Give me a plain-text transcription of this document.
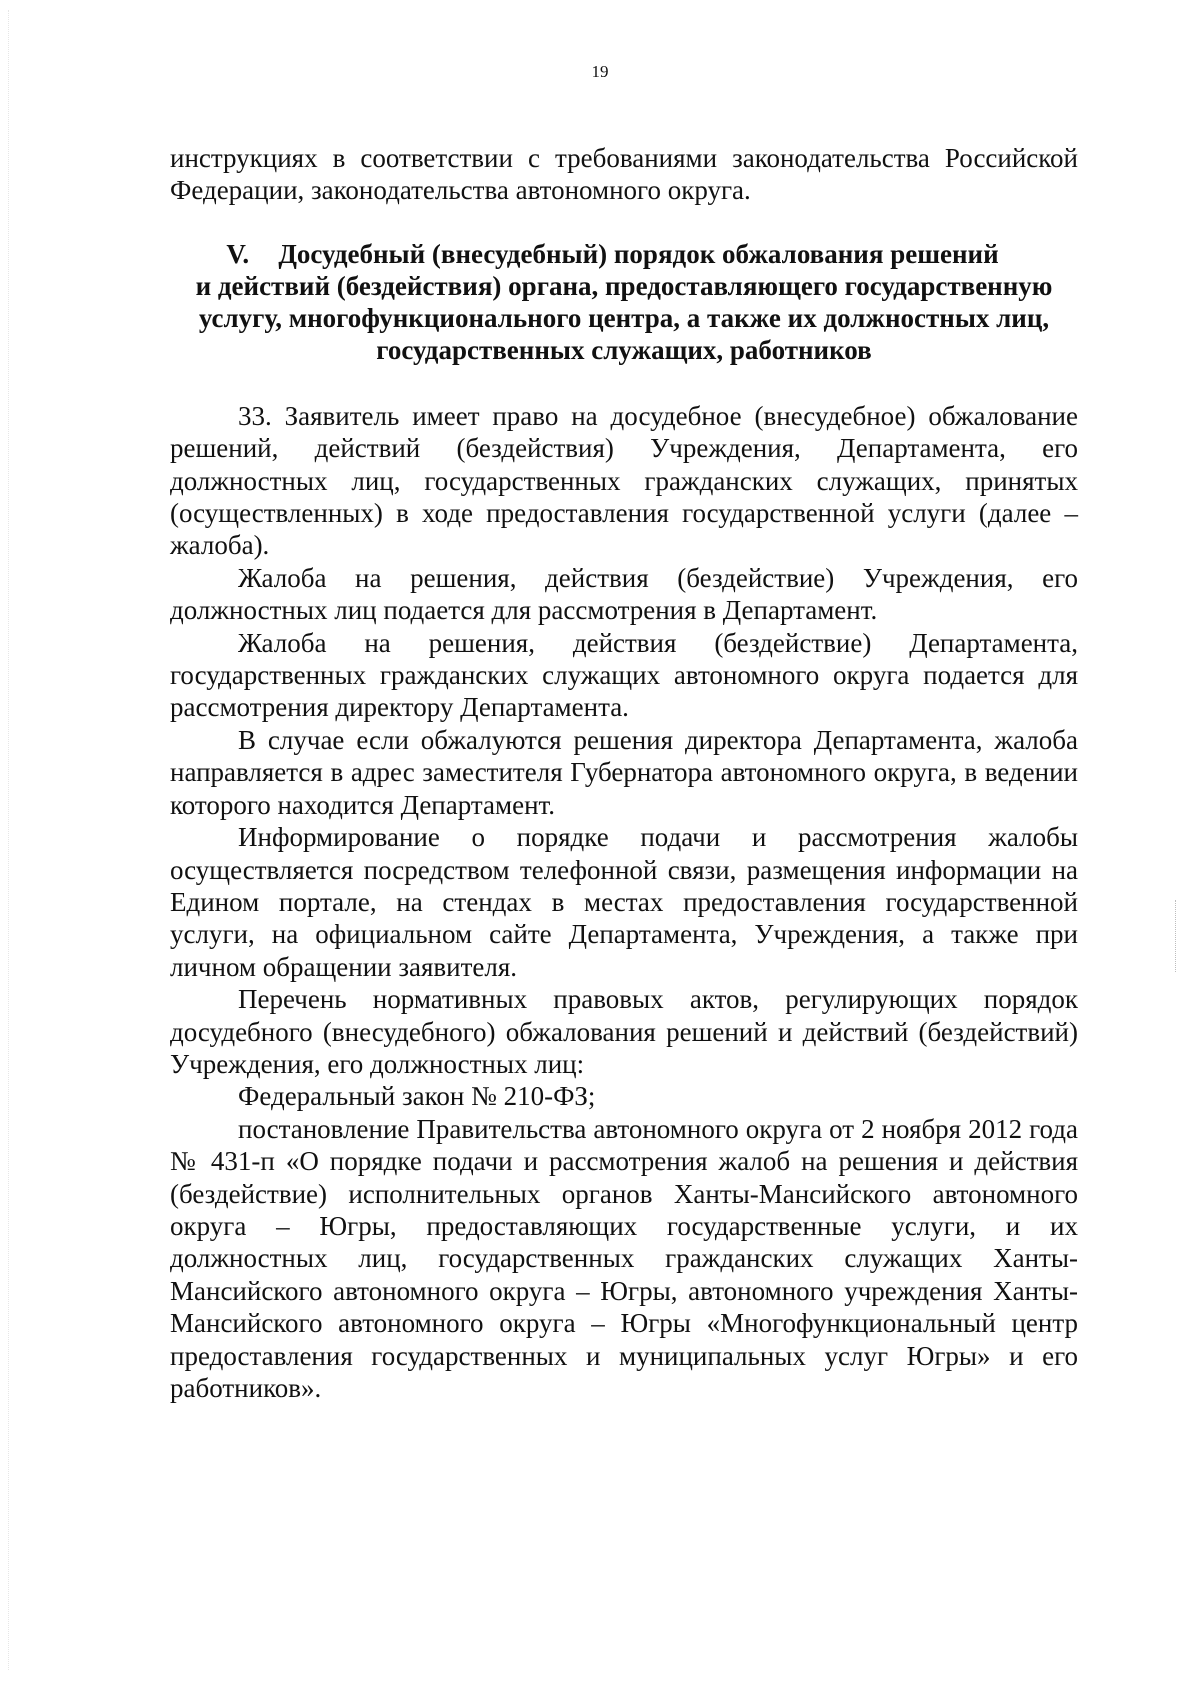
19

инструкциях в соответствии с требованиями законодательства Российской Федерации, законодательства автономного округа.

V. Досудебный (внесудебный) порядок обжалования решений
и действий (бездействия) органа, предоставляющего государственную
услугу, многофункционального центра, а также их должностных лиц,
государственных служащих, работников

33. Заявитель имеет право на досудебное (внесудебное) обжалование решений, действий (бездействия) Учреждения, Департамента, его должностных лиц, государственных гражданских служащих, принятых (осуществленных) в ходе предоставления государственной услуги (далее – жалоба).

Жалоба на решения, действия (бездействие) Учреждения, его должностных лиц подается для рассмотрения в Департамент.

Жалоба на решения, действия (бездействие) Департамента, государственных гражданских служащих автономного округа подается для рассмотрения директору Департамента.

В случае если обжалуются решения директора Департамента, жалоба направляется в адрес заместителя Губернатора автономного округа, в ведении которого находится Департамент.

Информирование о порядке подачи и рассмотрения жалобы осуществляется посредством телефонной связи, размещения информации на Едином портале, на стендах в местах предоставления государственной услуги, на официальном сайте Департамента, Учреждения, а также при личном обращении заявителя.

Перечень нормативных правовых актов, регулирующих порядок досудебного (внесудебного) обжалования решений и действий (бездействий) Учреждения, его должностных лиц:

Федеральный закон № 210-ФЗ;

постановление Правительства автономного округа от 2 ноября 2012 года № 431-п «О порядке подачи и рассмотрения жалоб на решения и действия (бездействие) исполнительных органов Ханты-Мансийского автономного округа – Югры, предоставляющих государственные услуги, и их должностных лиц, государственных гражданских служащих Ханты-Мансийского автономного округа – Югры, автономного учреждения Ханты-Мансийского автономного округа – Югры «Многофункциональный центр предоставления государственных и муниципальных услуг Югры» и его работников».
